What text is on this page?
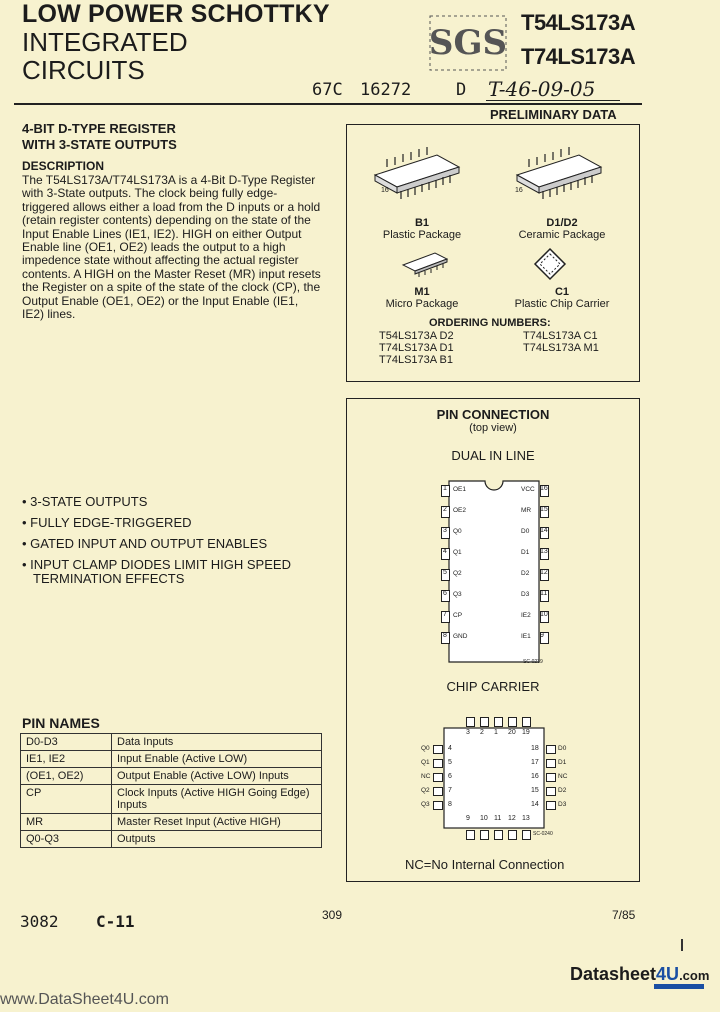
LOW POWER SCHOTTKY
INTEGRATED
CIRCUITS
SGS
T54LS173A
T74LS173A
67C 16272	D T-46-09-05
PRELIMINARY DATA
4-BIT D-TYPE REGISTER
WITH 3-STATE OUTPUTS
DESCRIPTION
The T54LS173A/T74LS173A is a 4-Bit D-Type Register with 3-State outputs. The clock being fully edge-triggered allows either a load from the D inputs or a hold (retain register contents) depending on the state of the Input Enable Lines (IE1, IE2). HIGH on either Output Enable line (OE1, OE2) leads the output to a high impedence state without affecting the actual register contents. A HIGH on the Master Reset (MR) input resets the Register on a spite of the state of the clock (CP), the Output Enable (OE1, OE2) or the Input Enable (IE1, IE2) lines.
16	16
B1
Plastic Package
D1/D2
Ceramic Package
M1
Micro Package
C1
Plastic Chip Carrier
ORDERING NUMBERS:
T54LS173A D2
T74LS173A D1
T74LS173A B1
T74LS173A C1
T74LS173A M1
• 3-STATE OUTPUTS
• FULLY EDGE-TRIGGERED
• GATED INPUT AND OUTPUT ENABLES
• INPUT CLAMP DIODES LIMIT HIGH SPEED
TERMINATION EFFECTS
PIN NAMES
D0-D3	Data Inputs
IE1, IE2	Input Enable (Active LOW)
(OE1, OE2)	Output Enable (Active LOW) Inputs
CP	Clock Inputs (Active HIGH Going Edge) Inputs
MR	Master Reset Input (Active HIGH)
Q0-Q3	Outputs
PIN CONNECTION
(top view)
DUAL IN LINE
1 OE1
2 OE2
3 Q0
4 Q1
5 Q2
6 Q3
7 CP
8 GND
16
VCC
15
MR
14
D0
13
D1
12
D2
11
D3
10
IE2
9
IE1
SC-0239
CHIP CARRIER
3 2 1 20 19
9 10 11 12 13
Q0	4
Q1	5
NC	6
Q2	7
Q3	8
D0
18
D1
17
NC
16
D2
15
D3
14
SC-0240
NC=No Internal Connection
3082 C-11	309	7/85
Datasheet4U.com
www.DataSheet4U.com
